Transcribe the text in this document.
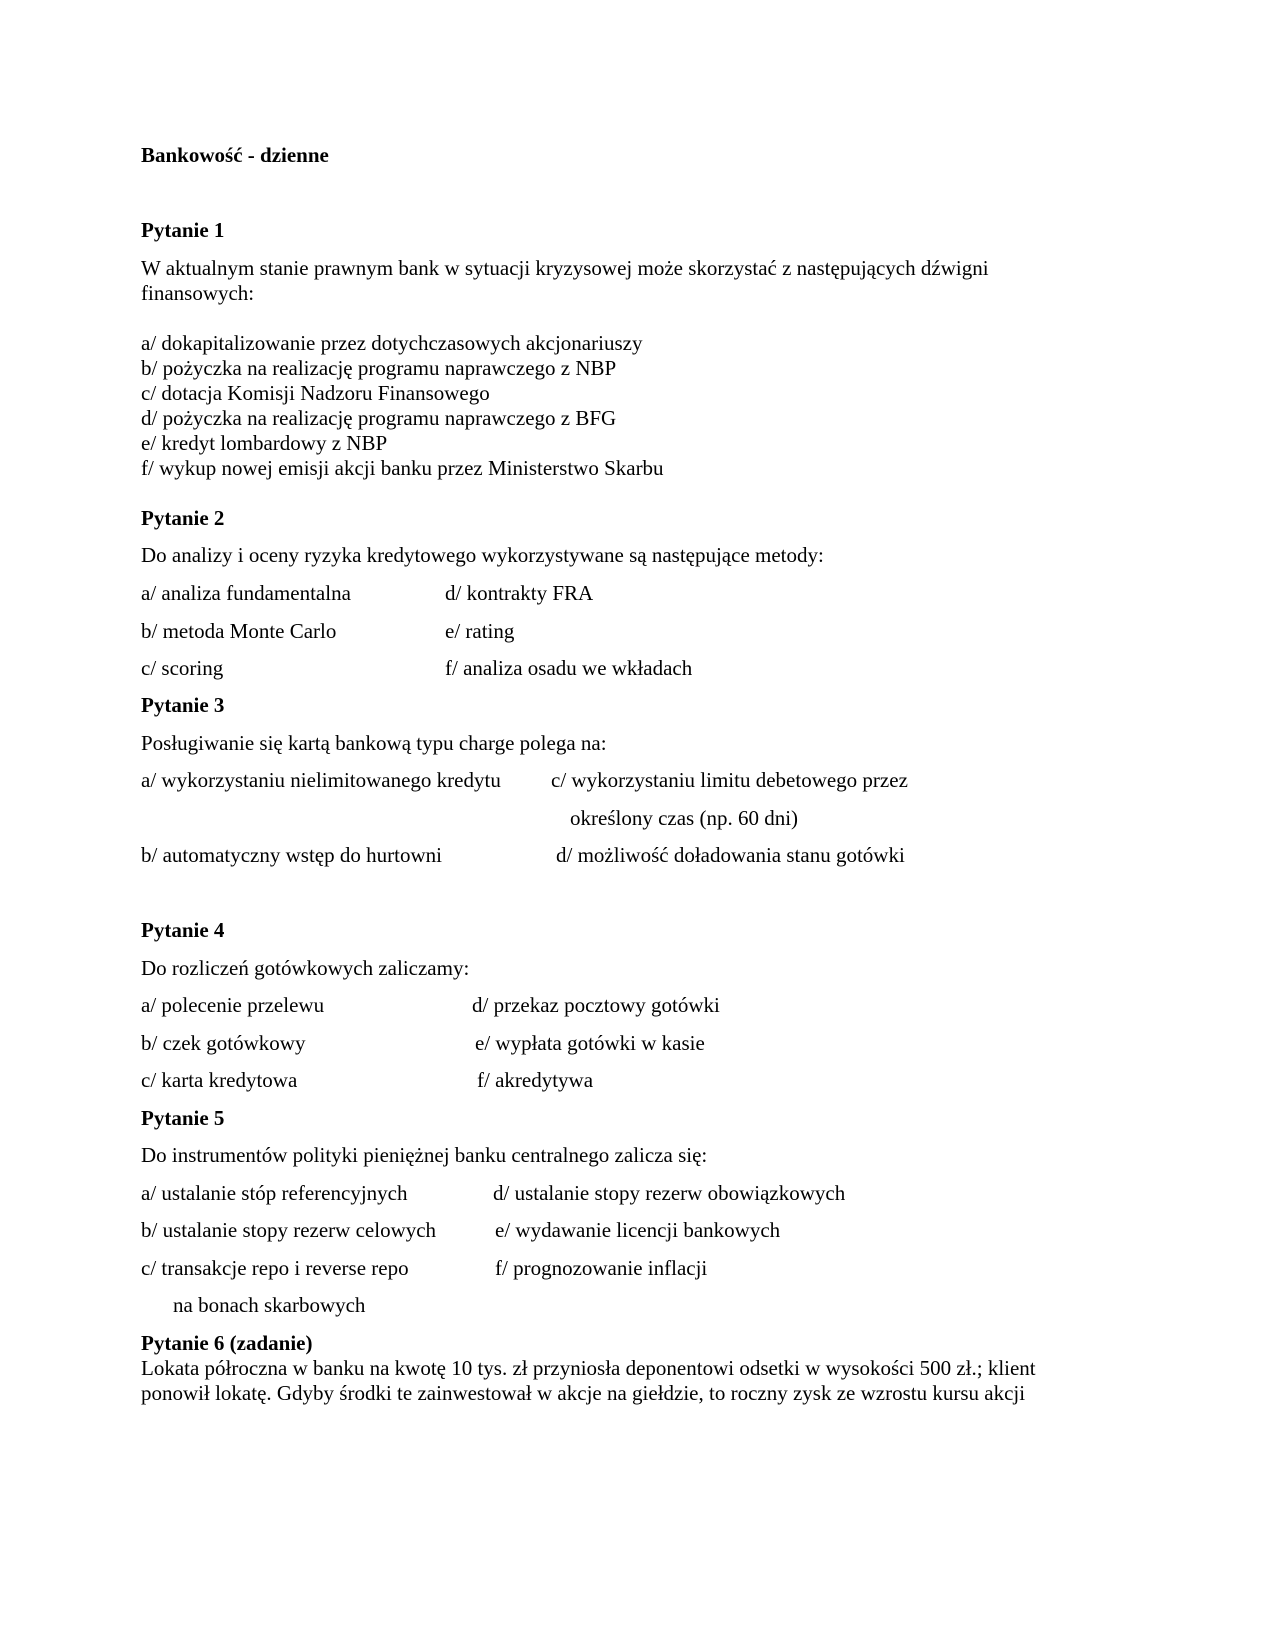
Bankowość - dzienne
Pytanie 1
W aktualnym stanie prawnym bank w sytuacji kryzysowej może skorzystać z następujących dźwigni
finansowych:
a/ dokapitalizowanie przez dotychczasowych akcjonariuszy
b/ pożyczka na realizację programu naprawczego z NBP
c/ dotacja Komisji Nadzoru Finansowego
d/ pożyczka na realizację programu naprawczego z BFG
e/ kredyt lombardowy z NBP
f/ wykup nowej emisji akcji banku przez Ministerstwo Skarbu
Pytanie 2
Do analizy i oceny ryzyka kredytowego wykorzystywane są następujące metody:
a/ analiza fundamentalna	d/ kontrakty FRA
b/ metoda Monte Carlo	e/ rating
c/ scoring	f/ analiza osadu we wkładach
Pytanie 3
Posługiwanie się kartą bankową typu charge polega na:
a/ wykorzystaniu nielimitowanego kredytu c/ wykorzystaniu limitu debetowego przez
określony czas (np. 60 dni)
b/ automatyczny wstęp do hurtowni	d/ możliwość doładowania stanu gotówki
Pytanie 4
Do rozliczeń gotówkowych zaliczamy:
a/ polecenie przelewu	d/ przekaz pocztowy gotówki
b/ czek gotówkowy	e/ wypłata gotówki w kasie
c/ karta kredytowa	f/ akredytywa
Pytanie 5
Do instrumentów polityki pieniężnej banku centralnego zalicza się:
a/ ustalanie stóp referencyjnych	d/ ustalanie stopy rezerw obowiązkowych
b/ ustalanie stopy rezerw celowych	e/ wydawanie licencji bankowych
c/ transakcje repo i reverse repo	f/ prognozowanie inflacji
na bonach skarbowych
Pytanie 6 (zadanie)
Lokata półroczna w banku na kwotę 10 tys. zł przyniosła deponentowi odsetki w wysokości 500 zł.; klient
ponowił lokatę. Gdyby środki te zainwestował w akcje na giełdzie, to roczny zysk ze wzrostu kursu akcji
